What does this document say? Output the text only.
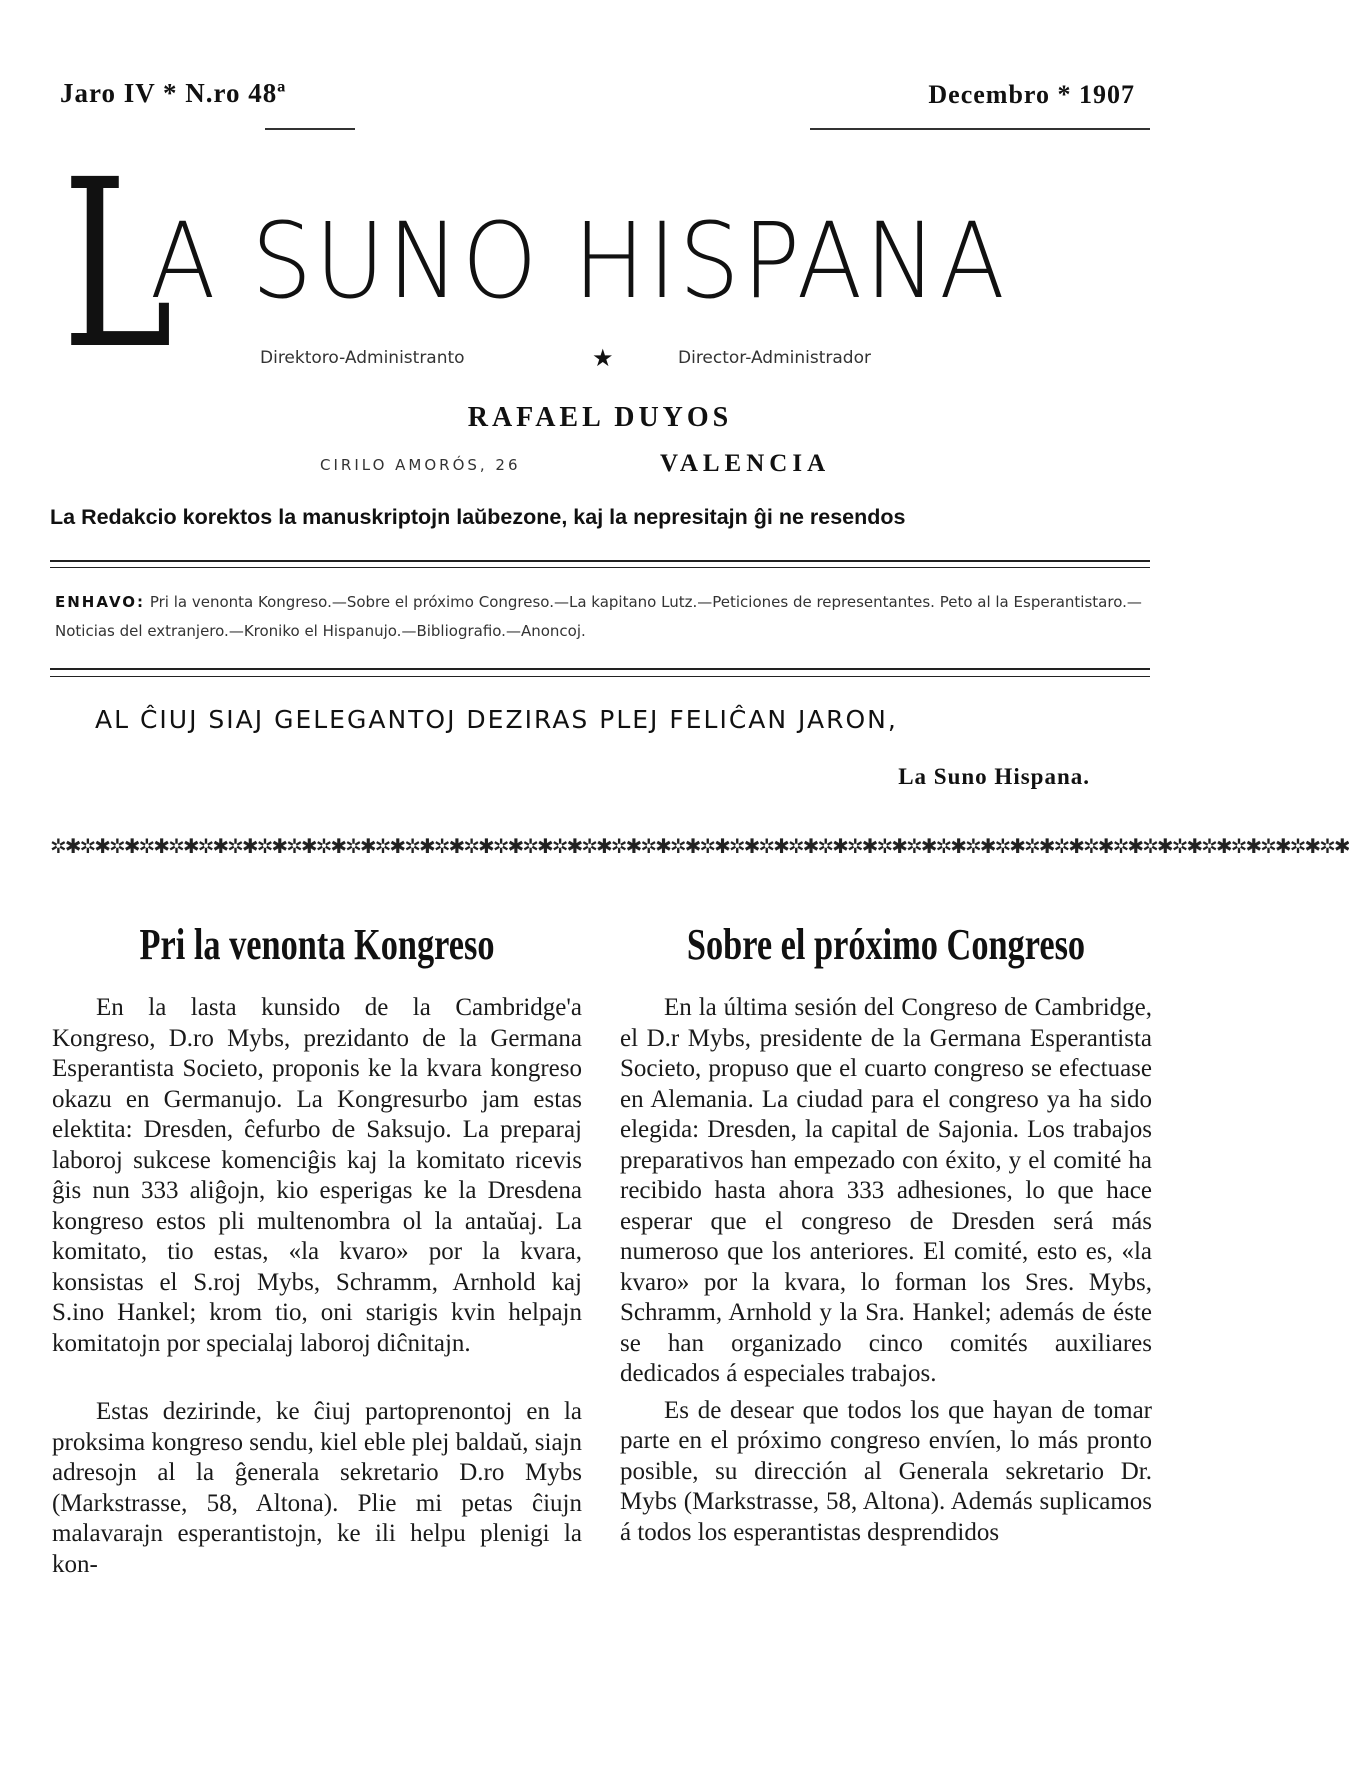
Jaro IV * N.ro 48ª	Decembro * 1907
L
A SUNO HISPANA
Direktoro-Administranto	★	Director-Administrador
RAFAEL DUYOS
CIRILO AMORÓS, 26	VALENCIA
La Redakcio korektos la manuskriptojn laŭbezone, kaj la nepresitajn ĝi ne resendos
ENHAVO: Pri la venonta Kongreso.—Sobre el próximo Congreso.—La kapitano Lutz.—Peticiones de representantes. Peto al la Esperantistaro.—Noticias del extranjero.—Kroniko el Hispanujo.—Bibliografio.—Anoncoj.
AL ĈIUJ SIAJ GELEGANTOJ DEZIRAS PLEJ FELIĈAN JARON,
La Suno Hispana.
✲✱✲✱✲✱✲✱✲✱✲✱✲✱✲✱✲✱✲✱✲✱✲✱✲✱✲✱✲✱✲✱✲✱✲✱✲✱✲✱✲✱✲✱✲✱✲✱✲✱✲✱✲✱✲✱✲✱✲✱✲✱✲✱✲✱✲✱✲✱✲✱✲✱✲✱✲✱✲✱✲✱✲✱✲✱✲✱
Pri la venonta Kongreso

En la lasta kunsido de la Cambridge'a Kongreso, D.ro Mybs, prezidanto de la Germana Esperantista Societo, proponis ke la kvara kongreso okazu en Germanujo. La Kongresurbo jam estas elektita: Dresden, ĉefurbo de Saksujo. La preparaj laboroj sukcese komenciĝis kaj la komitato ricevis ĝis nun 333 aliĝojn, kio esperigas ke la Dresdena kongreso estos pli multenombra ol la antaŭaj. La komitato, tio estas, «la kvaro» por la kvara, konsistas el S.roj Mybs, Schramm, Arnhold kaj S.ino Hankel; krom tio, oni starigis kvin helpajn komitatojn por specialaj laboroj diĉnitajn.

Estas dezirinde, ke ĉiuj partoprenontoj en la proksima kongreso sendu, kiel eble plej baldaŭ, siajn adresojn al la ĝenerala sekretario D.ro Mybs (Markstrasse, 58, Altona). Plie mi petas ĉiujn malavarajn esperantistojn, ke ili helpu plenigi la kon-

Sobre el próximo Congreso

En la última sesión del Congreso de Cambridge, el D.r Mybs, presidente de la Germana Esperantista Societo, propuso que el cuarto congreso se efectuase en Alemania. La ciudad para el congreso ya ha sido elegida: Dresden, la capital de Sajonia. Los trabajos preparativos han empezado con éxito, y el comité ha recibido hasta ahora 333 adhesiones, lo que hace esperar que el congreso de Dresden será más numeroso que los anteriores. El comité, esto es, «la kvaro» por la kvara, lo forman los Sres. Mybs, Schramm, Arnhold y la Sra. Hankel; además de éste se han organizado cinco comités auxiliares dedicados á especiales trabajos.

Es de desear que todos los que hayan de tomar parte en el próximo congreso envíen, lo más pronto posible, su dirección al Generala sekretario Dr. Mybs (Markstrasse, 58, Altona). Además suplicamos á todos los esperantistas desprendidos
